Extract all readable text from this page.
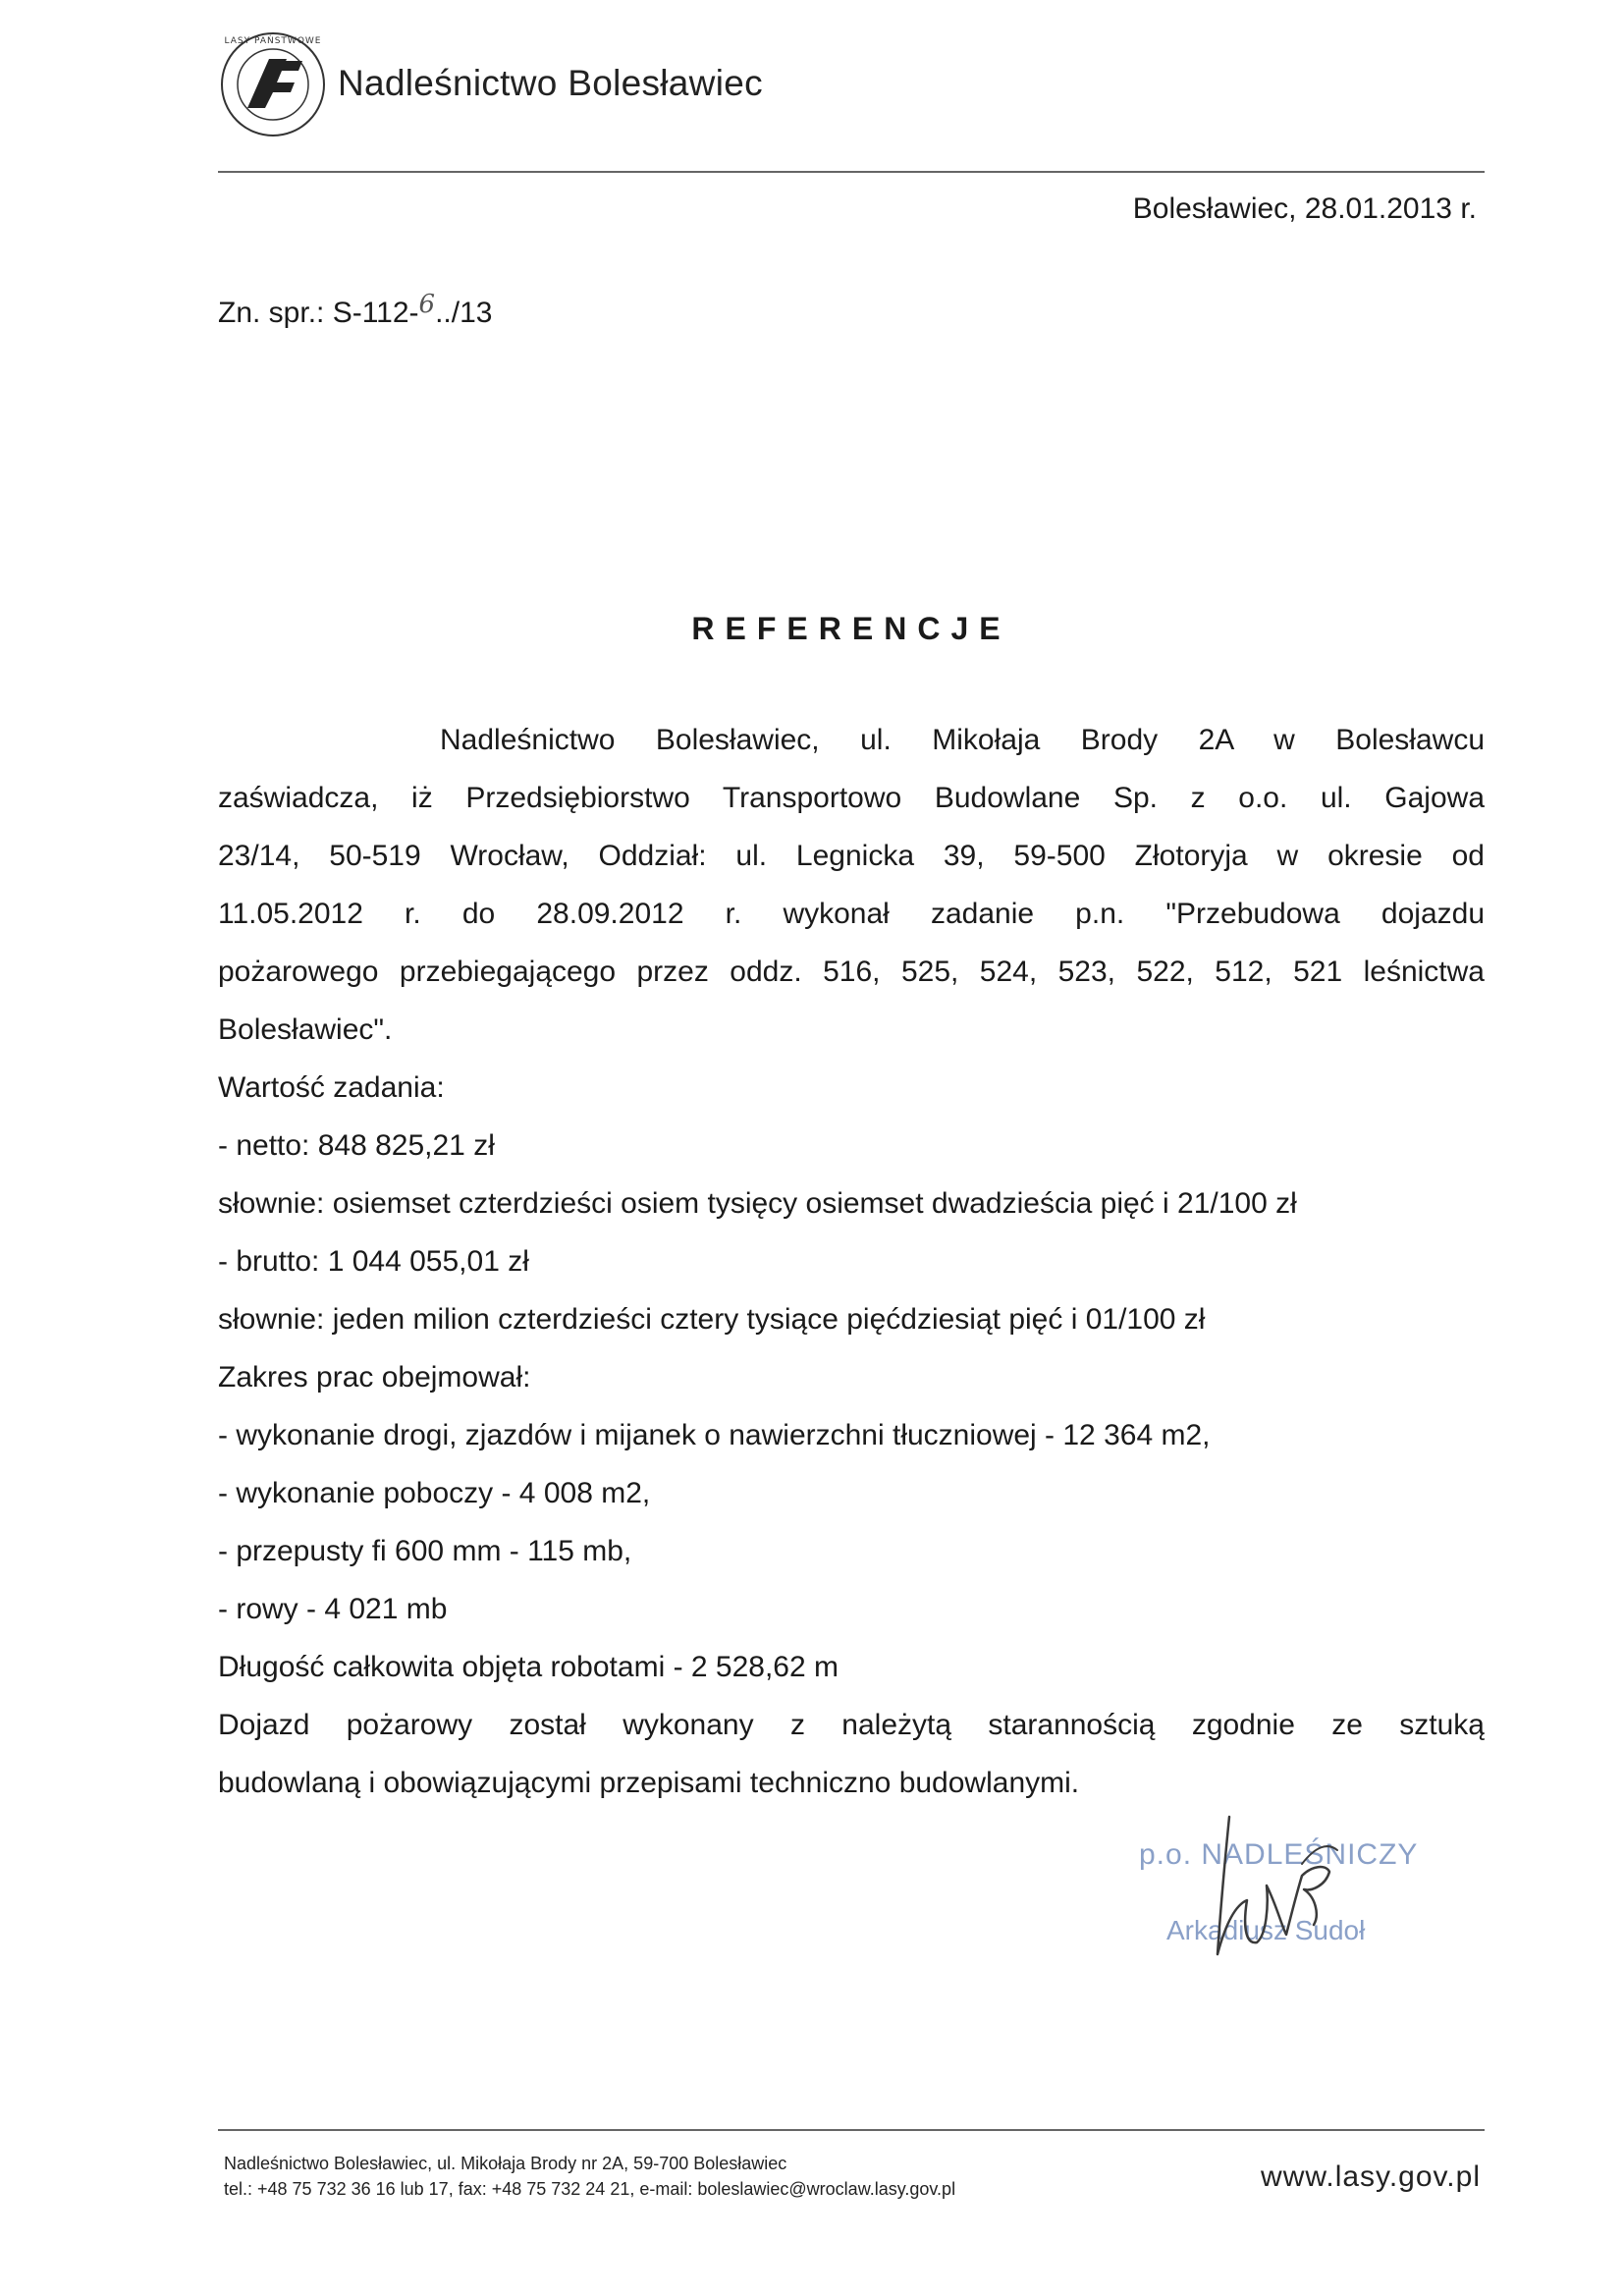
LASY PAŃSTWOWE
Nadleśnictwo Bolesławiec
Bolesławiec, 28.01.2013 r.
Zn. spr.: S-112-6../13
REFERENCJE

Nadleśnictwo Bolesławiec, ul. Mikołaja Brody 2A w Bolesławcu

zaświadcza, iż Przedsiębiorstwo Transportowo Budowlane Sp. z o.o. ul. Gajowa

23/14, 50-519 Wrocław, Oddział: ul. Legnicka 39, 59-500 Złotoryja w okresie od

11.05.2012 r. do 28.09.2012 r. wykonał zadanie p.n. "Przebudowa dojazdu

pożarowego przebiegającego przez oddz. 516, 525, 524, 523, 522, 512, 521 leśnictwa

Bolesławiec".

Wartość zadania:

- netto: 848 825,21 zł

słownie: osiemset czterdzieści osiem tysięcy osiemset dwadzieścia pięć i 21/100 zł

- brutto: 1 044 055,01 zł

słownie: jeden milion czterdzieści cztery tysiące pięćdziesiąt pięć i 01/100 zł

Zakres prac obejmował:

- wykonanie drogi, zjazdów i mijanek o nawierzchni tłuczniowej - 12 364 m2,

- wykonanie poboczy - 4 008 m2,

- przepusty fi 600 mm - 115 mb,

- rowy - 4 021 mb

Długość całkowita objęta robotami - 2 528,62 m

Dojazd pożarowy został wykonany z należytą starannością zgodnie ze sztuką

budowlaną i obowiązującymi przepisami techniczno budowlanymi.

p.o. NADLEŚNICZY
Arkadiusz Sudoł
Nadleśnictwo Bolesławiec, ul. Mikołaja Brody nr 2A, 59-700 Bolesławiec
tel.: +48 75 732 36 16 lub 17, fax: +48 75 732 24 21, e-mail: boleslawiec@wroclaw.lasy.gov.pl	www.lasy.gov.pl
